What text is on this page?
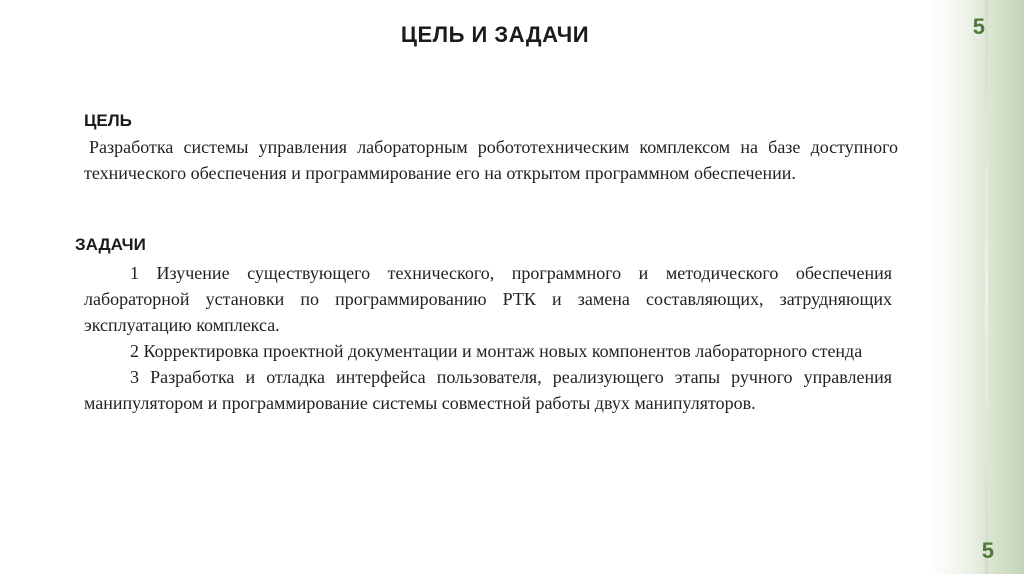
5
5
ЦЕЛЬ И ЗАДАЧИ
ЦЕЛЬ
Разработка системы управления лабораторным робототехническим комплексом на базе доступного технического обеспечения и программирование его на открытом программном обеспечении.
ЗАДАЧИ

1 Изучение существующего технического, программного и методического обеспечения лабораторной установки по программированию РТК и замена составляющих, затрудняющих эксплуатацию комплекса.

2 Корректировка проектной документации и монтаж новых компонентов лабораторного стенда

3 Разработка и отладка интерфейса пользователя, реализующего этапы ручного управления манипулятором и программирование системы совместной работы двух манипуляторов.
